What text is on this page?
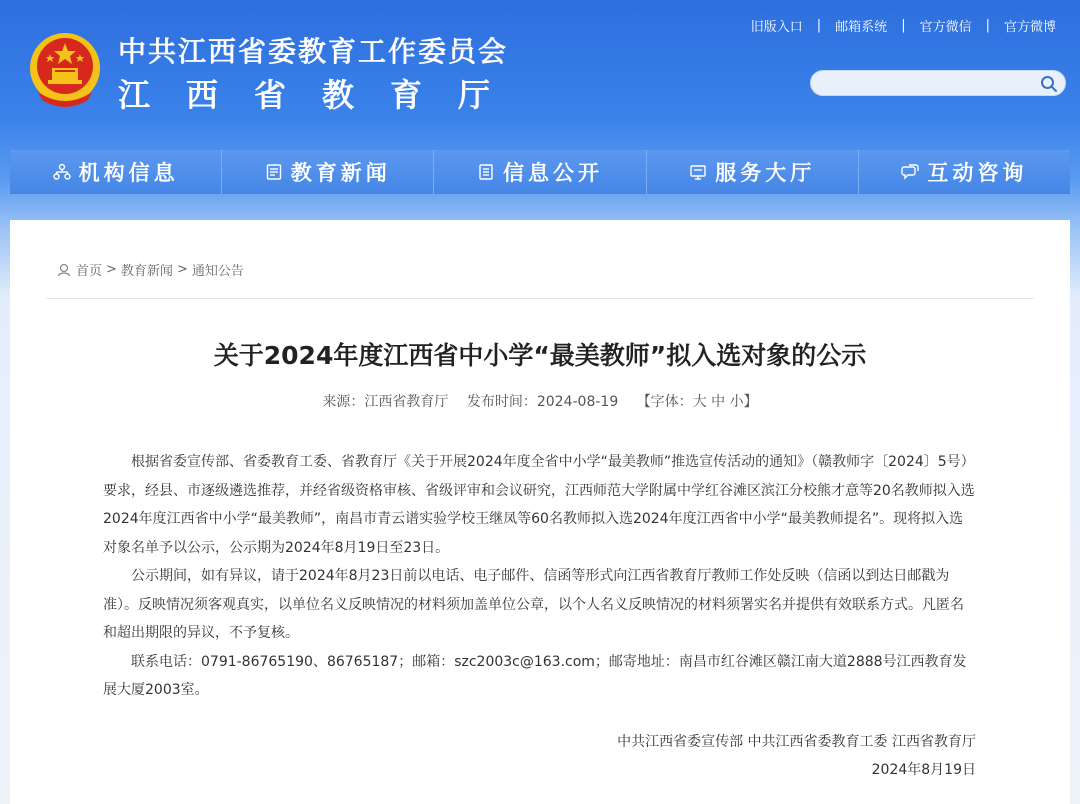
中共江西省委教育工作委员会
江西省教育厅
旧版入口	|	邮箱系统	|	官方微信	|	官方微博
机构信息	教育新闻	信息公开	服务大厅	互动咨询
首页 > 教育新闻 > 通知公告
关于2024年度江西省中小学“最美教师”拟入选对象的公示
来源：江西省教育厅 发布时间：2024-08-19 【字体：大 中 小】

根据省委宣传部、省委教育工委、省教育厅《关于开展2024年度全省中小学“最美教师”推选宣传活动的通知》（赣教师字〔2024〕5号）要求，经县、市逐级遴选推荐，并经省级资格审核、省级评审和会议研究，江西师范大学附属中学红谷滩区滨江分校熊才意等20名教师拟入选2024年度江西省中小学“最美教师”，南昌市青云谱实验学校王继凤等60名教师拟入选2024年度江西省中小学“最美教师提名”。现将拟入选对象名单予以公示，公示期为2024年8月19日至23日。

公示期间，如有异议，请于2024年8月23日前以电话、电子邮件、信函等形式向江西省教育厅教师工作处反映（信函以到达日邮戳为准）。反映情况须客观真实，以单位名义反映情况的材料须加盖单位公章，以个人名义反映情况的材料须署实名并提供有效联系方式。凡匿名和超出期限的异议，不予复核。

联系电话：0791-86765190、86765187；邮箱：szc2003c@163.com；邮寄地址：南昌市红谷滩区赣江南大道2888号江西教育发展大厦2003室。

中共江西省委宣传部 中共江西省委教育工委 江西省教育厅
2024年8月19日
